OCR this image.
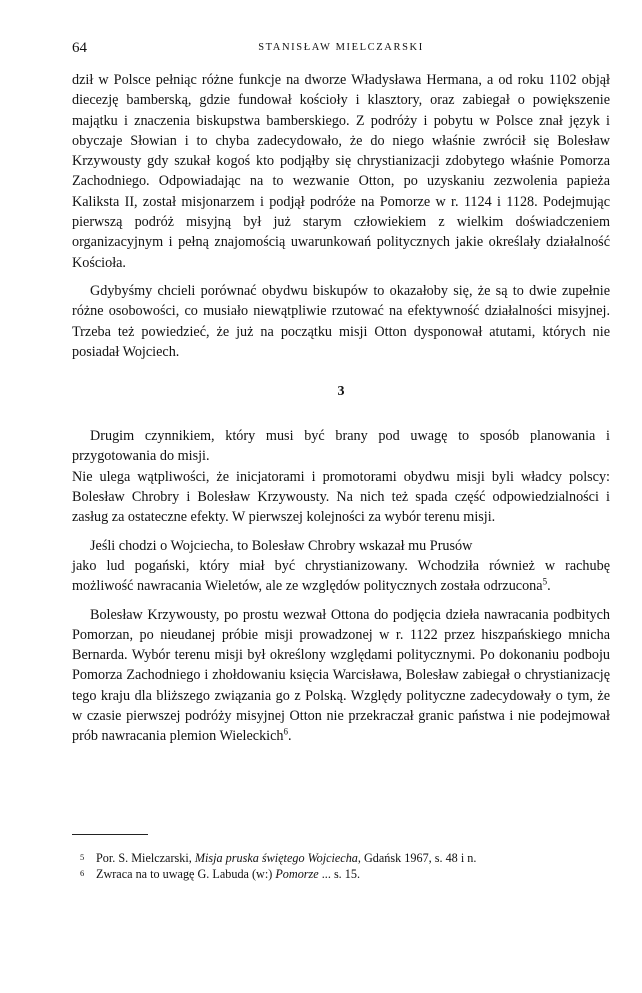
64	STANISŁAW MIELCZARSKI

dził w Polsce pełniąc różne funkcje na dworze Władysława Hermana, a od roku 1102 objął diecezję bamberską, gdzie fundował kościoły i klasztory, oraz zabiegał o powiększenie majątku i znaczenia biskupstwa bamberskiego. Z podróży i pobytu w Polsce znał język i obyczaje Słowian i to chyba zadecydowało, że do niego właśnie zwrócił się Bolesław Krzywousty gdy szukał kogoś kto podjąłby się chrystianizacji zdobytego właśnie Pomorza Zachodniego. Odpowiadając na to wezwanie Otton, po uzyskaniu zezwolenia papieża Kaliksta II, został misjonarzem i podjął podróże na Pomorze w r. 1124 i 1128. Podejmując pierwszą podróż misyjną był już starym człowiekiem z wielkim doświadczeniem organizacyjnym i pełną znajomością uwarunkowań politycznych jakie określały działalność Kościoła.

Gdybyśmy chcieli porównać obydwu biskupów to okazałoby się, że są to dwie zupełnie różne osobowości, co musiało niewątpliwie rzutować na efektywność działalności misyjnej. Trzeba też powiedzieć, że już na początku misji Otton dysponował atutami, których nie posiadał Wojciech.

3

Drugim czynnikiem, który musi być brany pod uwagę to sposób planowania i przygotowania do misji.

Nie ulega wątpliwości, że inicjatorami i promotorami obydwu misji byli władcy polscy: Bolesław Chrobry i Bolesław Krzywousty. Na nich też spada część odpowiedzialności i zasług za ostateczne efekty. W pierwszej kolejności za wybór terenu misji.

Jeśli chodzi o Wojciecha, to Bolesław Chrobry wskazał mu Prusów

jako lud pogański, który miał być chrystianizowany. Wchodziła również w rachubę możliwość nawracania Wieletów, ale ze względów politycznych została odrzucona$^5$.

Bolesław Krzywousty, po prostu wezwał Ottona do podjęcia dzieła nawracania podbitych Pomorzan, po nieudanej próbie misji prowadzonej w r. 1122 przez hiszpańskiego mnicha Bernarda. Wybór terenu misji był określony względami politycznymi. Po dokonaniu podboju Pomorza Zachodniego i zhołdowaniu księcia Warcisława, Bolesław zabiegał o chrystianizację tego kraju dla bliższego związania go z Polską. Względy polityczne zadecydowały o tym, że w czasie pierwszej podróży misyjnej Otton nie przekraczał granic państwa i nie podejmował prób nawracania plemion Wieleckich$^6$.

5 Por. S. Mielczarski, Misja pruska świętego Wojciecha, Gdańsk 1967, s. 48 i n.

6 Zwraca na to uwagę G. Labuda (w:) Pomorze ... s. 15.
